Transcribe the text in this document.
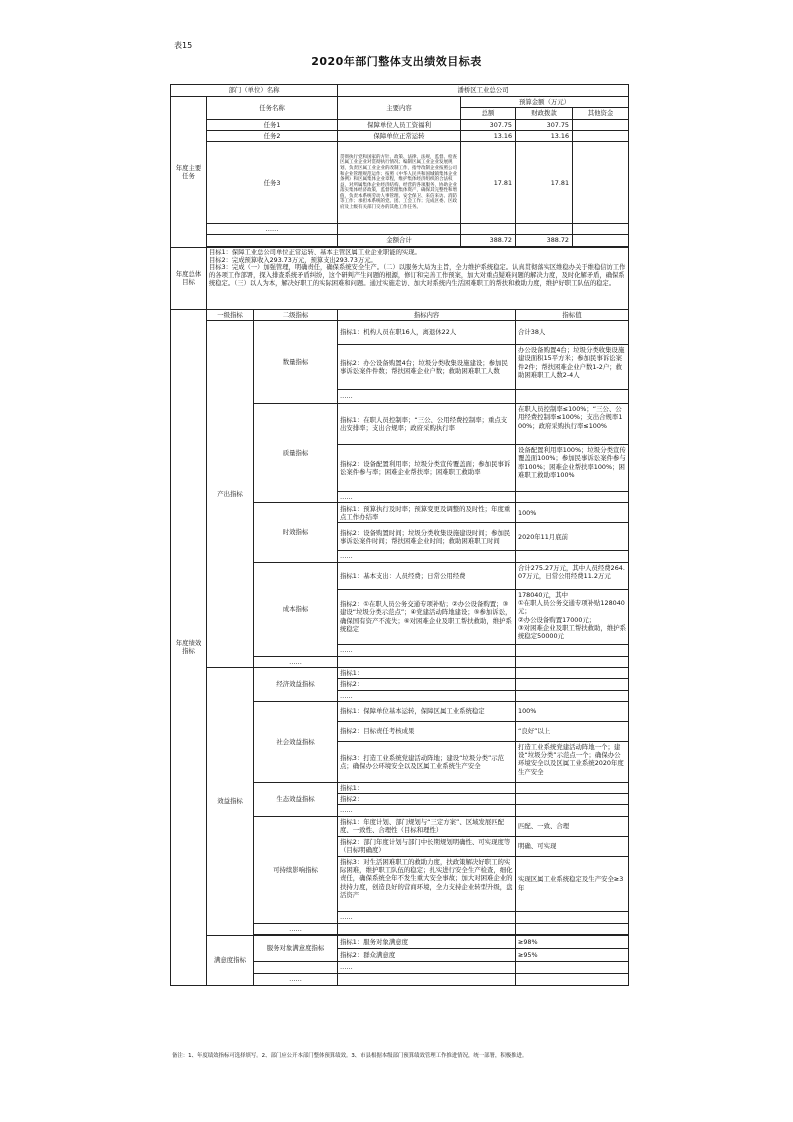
表15
2020年部门整体支出绩效目标表
部门（单位）名称			潘桥区工业总公司			
年度主要任务	任务名称		主要内容	预算金额（万元）		
				总额	财政拨款	其他资金
	任务1		保障单位人员工资福利	307.75	307.75	
	任务2		保障单位正常运转	13.16	13.16	
	任务3		贯彻执行党和国家的方针、政策、法律、法规，监督、检查区属工业企业对贯彻执行情况；编制区属工业企业发展规划，负责区属工业企业的改制工作，指导改制企业按照公司和企业管理规范运作；按照《中华人民共和国城镇集体企业条例》和区属集体企业章程，维护集体经济组织的合法权益，对所属集体企业经济结构、经营的各项服务，协助企业落实集体经济政策，监督管理集体资产，确保其完整性和增值，负责本系统劳动人事管理、安全保卫、来信来访、消防等工作；承担本系统的党、团、工会工作；完成区委、区政府及上级有关部门交办的其他工作任务。	17.81	17.81	
	……					
			金额合计	388.72	388.72	

年度总体目标	目标1：保障工业总公司单位正常运转、基本主管区属工业企业职能的实现。
目标2：完成预算收入293.73万元，预算支出293.73万元。
目标3：完成（一）加强管理，明确责任，确保系统安全生产。（二）以服务大局为主旨，全力维护系统稳定。认真贯彻落实区维稳办关于维稳信访工作的各项工作部署，探入排查系统矛盾纠纷，这个研判产生问题的根源，修订和完善工作预案，加大对重点疑难问题的解决力度，及时化解矛盾，确保系统稳定。（三）以人为本，解决好职工的实际困难和问题。通过实施走访、加大对系统内生活困难职工的帮扶和救助力度，维护好职工队伍的稳定。					

年度绩效指标	一级指标	二级指标	指标内容		指标值	
	产出指标	数量指标	指标1：机构人员在职16人，离退休22人		合计38人	
			指标2：办公设备购置4台；垃圾分类收集设施建设；参加民事诉讼案件件数；帮扶困难企业户数；救助困难职工人数		办公设备购置4台；垃圾分类收集设施建设面积15平方米；参加民事诉讼案件2件；帮扶困难企业户数1-2户；救助困难职工人数2-4人	

			……			
		质量指标	指标1：在职人员控制率；“三公、公用经费控制率；重点支出安排率；支出合规率；政府采购执行率		在职人员控制率≤100%；“三公、公用经费控制率≤100%；支出合规率100%；政府采购执行率≤100%	

			指标2：设备配置利用率；垃圾分类宣传覆盖面；参加民事诉讼案件参与率；困难企业帮扶率；困难职工救助率		设备配置利用率100%；垃圾分类宣传覆盖面100%；参加民事诉讼案件参与率100%；困难企业帮扶率100%；困难职工救助率100%	

			……			
		时效指标	指标1：预算执行及时率；预算变更及调整的及时性；年度重点工作办结率		100%	
			指标2：设备购置时间；垃圾分类收集设施建设时间；参加民事诉讼案件时间；帮扶困难企业时间；救助困难职工时间		2020年11月底前	
			……			
		成本指标	指标1：基本支出：人员经费；日常公用经费		合计275.27万元，其中人员经费264.07万元，日常公用经费11.2万元	

			指标2：①在职人员公务交通专项补贴；②办公设备购置；③建设“垃圾分类示范点”；④党建活动阵地建设；⑤参加诉讼，确保国有资产不流失；⑥对困难企业及职工帮扶救助，维护系统稳定		178040元，其中
①在职人员公务交通专项补贴128040元；
②办公设备购置17000元；
③对困难企业及职工帮扶救助，维护系统稳定50000元	

			……			
		……				
	效益指标	经济效益指标	指标1：			
			指标2：			
			……			
		社会效益指标	指标1：保障单位基本运转，保障区属工业系统稳定		100%	
			指标2：目标责任考核成果		“良好”以上	
			指标3：打造工业系统党建活动阵地；建设“垃圾分类”示范点；确保办公环境安全以及区属工业系统生产安全		打造工业系统党建活动阵地一个；建设“垃圾分类”示范点一个；确保办公环境安全以及区属工业系统2020年度生产安全	

		生态效益指标	指标1：			
			指标2：			
			……			
		可持续影响指标	指标1：年度计划、部门规划与“三定方案”、区域发展匹配度、一致性、合理性（目标和理性）		匹配、一致、合理	
			指标2：部门年度计划与部门中长期规划明确性、可实现度等（目标明确度）		明确、可实现	

			指标3：对生活困难职工的救助力度，扶政策解决好职工的实际困难，维护职工队伍的稳定；扎实进行安全生产检查，细化责任，确保系统全年不发生重大安全事故；加大对困难企业的扶持力度，创造良好的营商环境，全力支持企业转型升级，盘活资产		实现区属工业系统稳定及生产安全≥3年	
			……			
		……				

	满意度指标	服务对象满意度指标	指标1：服务对象满意度		≥98%	
			指标2：群众满意度		≥95%	
			……			
		……				
备注：1、年度绩效指标可选择填写。2、部门应公开本部门整体预算绩效。3、市县根据本级部门预算绩效管理工作推进情况，统一部署，积极推进。
